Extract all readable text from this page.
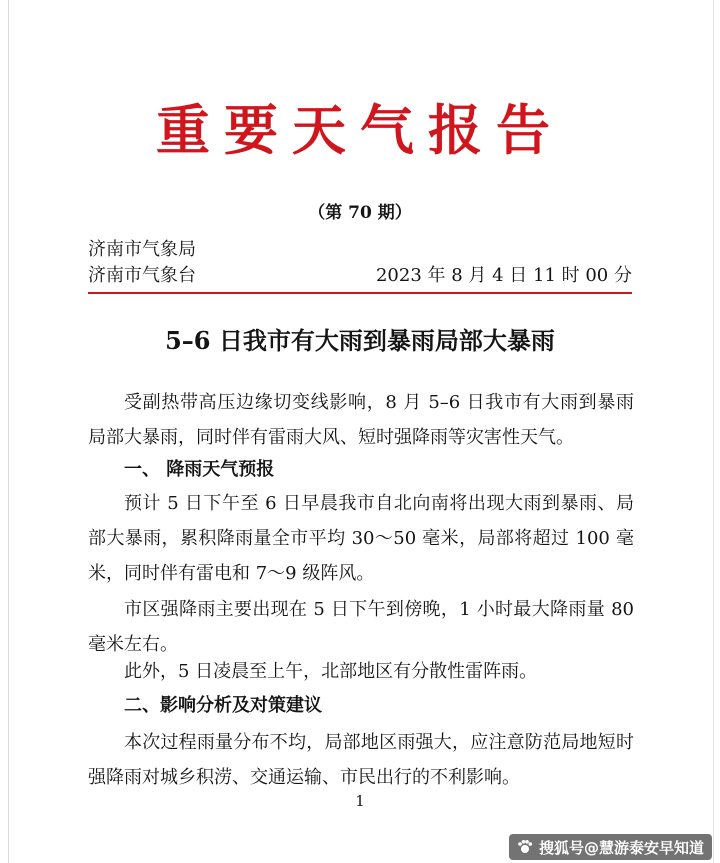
重要天气报告
（第 70 期）
济南市气象局
济南市气象台	2023 年 8 月 4 日 11 时 00 分
5–6 日我市有大雨到暴雨局部大暴雨

受副热带高压边缘切变线影响，8 月 5–6 日我市有大雨到暴雨局部大暴雨，同时伴有雷雨大风、短时强降雨等灾害性天气。

一、 降雨天气预报

预计 5 日下午至 6 日早晨我市自北向南将出现大雨到暴雨、局部大暴雨，累积降雨量全市平均 30～50 毫米，局部将超过 100 毫米，同时伴有雷电和 7～9 级阵风。

市区强降雨主要出现在 5 日下午到傍晚，1 小时最大降雨量 80 毫米左右。

此外，5 日凌晨至上午，北部地区有分散性雷阵雨。

二、影响分析及对策建议

本次过程雨量分布不均，局部地区雨强大，应注意防范局地短时强降雨对城乡积涝、交通运输、市民出行的不利影响。

1
搜狐号@慧游泰安早知道
